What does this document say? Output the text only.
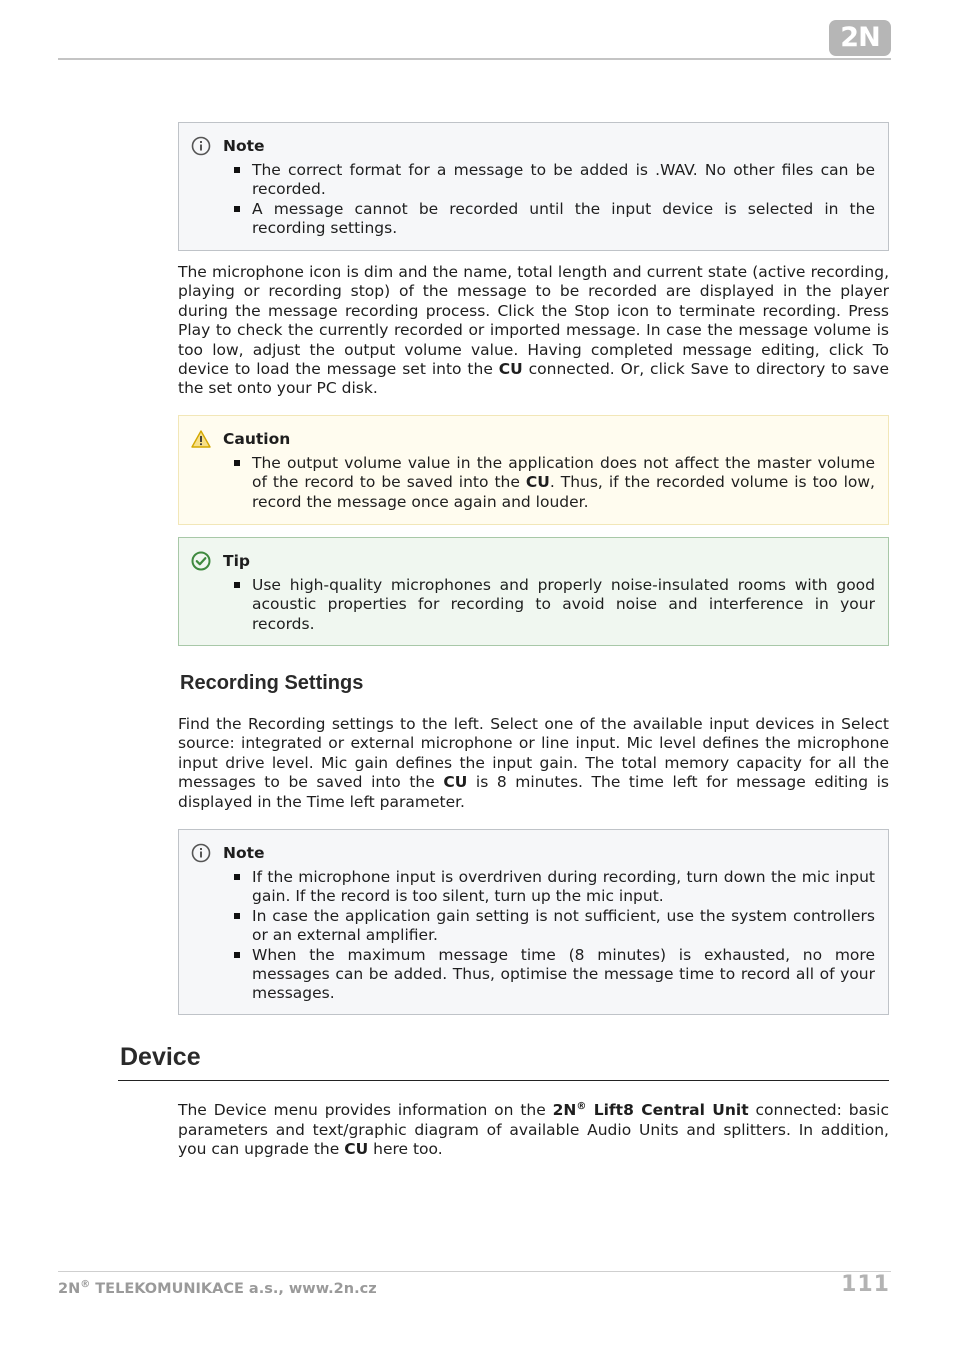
2N
Note
The correct format for a message to be added is .WAV. No other files can be recorded.
A message cannot be recorded until the input device is selected in the recording settings.

The microphone icon is dim and the name, total length and current state (active recording, playing or recording stop) of the message to be recorded are displayed in the player during the message recording process. Click the Stop icon to terminate recording. Press Play to check the currently recorded or imported message. In case the message volume is too low, adjust the output volume value. Having completed message editing, click To device to load the message set into the CU connected. Or, click Save to directory to save the set onto your PC disk.

Caution
The output volume value in the application does not affect the master volume of the record to be saved into the CU. Thus, if the recorded volume is too low, record the message once again and louder.
Tip
Use high-quality microphones and properly noise-insulated rooms with good acoustic properties for recording to avoid noise and interference in your records.
Recording Settings

Find the Recording settings to the left. Select one of the available input devices in Select source: integrated or external microphone or line input. Mic level defines the microphone input drive level. Mic gain defines the input gain. The total memory capacity for all the messages to be saved into the CU is 8 minutes. The time left for message editing is displayed in the Time left parameter.

Note
If the microphone input is overdriven during recording, turn down the mic input gain. If the record is too silent, turn up the mic input.
In case the application gain setting is not sufficient, use the system controllers or an external amplifier.
When the maximum message time (8 minutes) is exhausted, no more messages can be added. Thus, optimise the message time to record all of your messages.
Device

The Device menu provides information on the 2N® Lift8 Central Unit connected: basic parameters and text/graphic diagram of available Audio Units and splitters. In addition, you can upgrade the CU here too.

2N® TELEKOMUNIKACE a.s., www.2n.cz	111
